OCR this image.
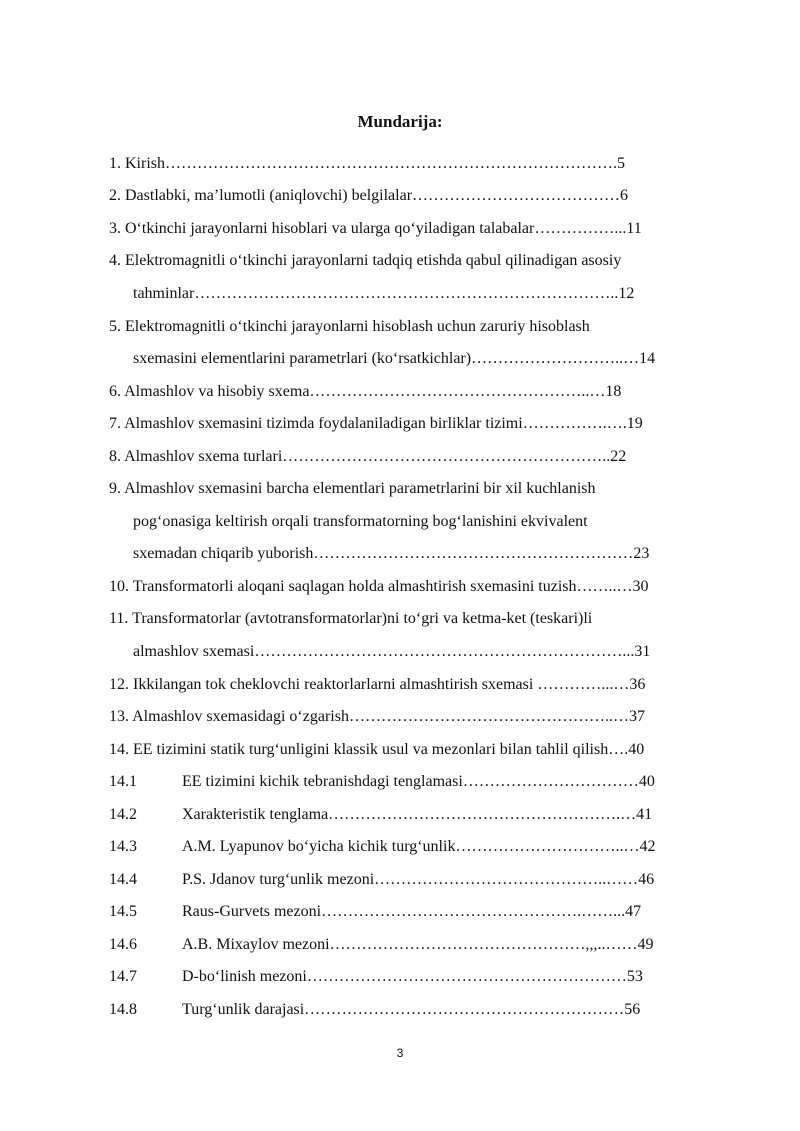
Mundarija:
1. Kirish………………………………………………………………………….5
2. Dastlabki, ma’lumotli (aniqlovchi) belgilalar…………………………………6
3. O‘tkinchi jarayonlarni hisoblari va ularga qo‘yiladigan talabalar……………...11
4. Elektromagnitli o‘tkinchi jarayonlarni tadqiq etishda qabul qilinadigan asosiy
tahminlar……………………………………………………………………..12
5. Elektromagnitli o‘tkinchi jarayonlarni hisoblash uchun zaruriy hisoblash
sxemasini elementlarini parametrlari (ko‘rsatkichlar)………………………..…14
6. Almashlov va hisobiy sxema……………………………………………..…18
7. Almashlov sxemasini tizimda foydalaniladigan birliklar tizimi…………….….19
8. Almashlov sxema turlari……………………………………………………..22
9. Almashlov sxemasini barcha elementlari parametrlarini bir xil kuchlanish
pog‘onasiga keltirish orqali transformatorning bog‘lanishini ekvivalent
sxemadan chiqarib yuborish……………………………………………………23
10. Transformatorli aloqani saqlagan holda almashtirish sxemasini tuzish……..…30
11. Transformatorlar (avtotransformatorlar)ni to‘gri va ketma-ket (teskari)li
almashlov sxemasi……………………………………………………………...31
12. Ikkilangan tok cheklovchi reaktorlarlarni almashtirish sxemasi …………...…36
13. Almashlov sxemasidagi o‘zgarish…………………………………………..…37
14. EE tizimini statik turg‘unligini klassik usul va mezonlari bilan tahlil qilish….40
14.1	EE tizimini kichik tebranishdagi tenglamasi……………………………40
14.2	Xarakteristik tenglama……………………………………………….…41
14.3	A.M. Lyapunov bo‘yicha kichik turg‘unlik…………………………..…42
14.4	P.S. Jdanov turg‘unlik mezoni……………………………………..……46
14.5	Raus-Gurvets mezoni………………………………………….……...47
14.6	A.B. Mixaylov mezoni…………………………………………,,,..……49
14.7	D-bo‘linish mezoni……………………………………………………53
14.8	Turg‘unlik darajasi……………………………………………………56
3
